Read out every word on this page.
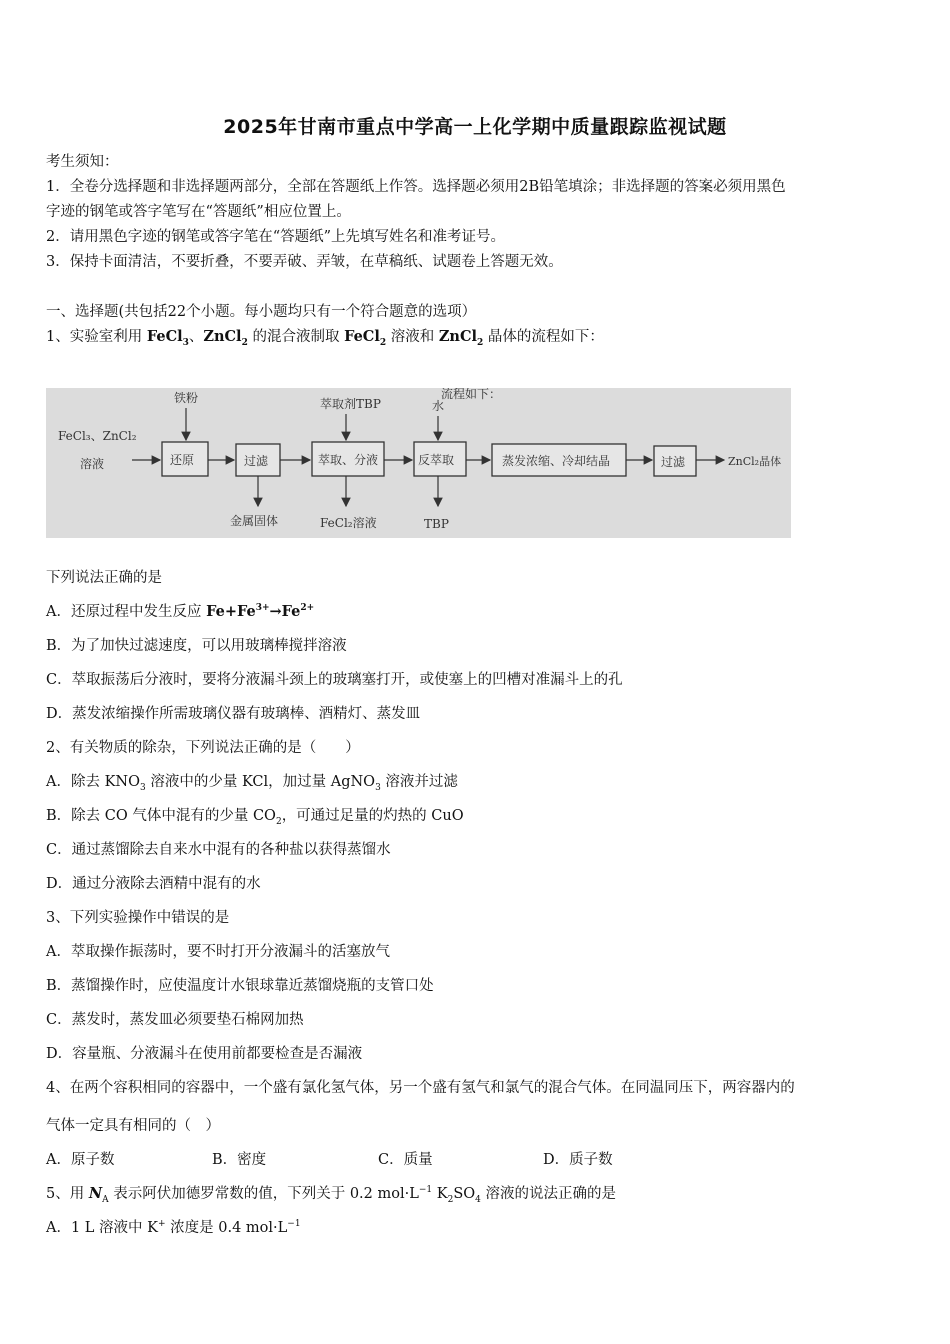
2025年甘南市重点中学高一上化学期中质量跟踪监视试题
考生须知：
1．全卷分选择题和非选择题两部分，全部在答题纸上作答。选择题必须用2B铅笔填涂；非选择题的答案必须用黑色
字迹的钢笔或答字笔写在“答题纸”相应位置上。
2．请用黑色字迹的钢笔或答字笔在“答题纸”上先填写姓名和准考证号。
3．保持卡面清洁，不要折叠，不要弄破、弄皱，在草稿纸、试题卷上答题无效。
一、选择题(共包括22个小题。每小题均只有一个符合题意的选项）
1、实验室利用 FeCl$_3$、ZnCl$_2$ 的混合液制取 FeCl$_2$ 溶液和 ZnCl$_2$ 晶体的流程如下：
流程如下：
FeCl₃、ZnCl₂
溶液
铁粉
还原	过滤
金属固体
萃取剂TBP
萃取、分液
FeCl₂溶液
水
反萃取
TBP
蒸发浓缩、冷却结晶	过滤	ZnCl₂晶体
下列说法正确的是
A．还原过程中发生反应 $Fe+Fe^{3+}\to Fe^{2+}$
B．为了加快过滤速度，可以用玻璃棒搅拌溶液
C．萃取振荡后分液时，要将分液漏斗颈上的玻璃塞打开，或使塞上的凹槽对准漏斗上的孔
D．蒸发浓缩操作所需玻璃仪器有玻璃棒、酒精灯、蒸发皿
2、有关物质的除杂，下列说法正确的是（　　）
A．除去 $KNO_3$ 溶液中的少量 KCl，加过量 AgNO$_3$ 溶液并过滤
B．除去 CO 气体中混有的少量 $CO_2$，可通过足量的灼热的 CuO
C．通过蒸馏除去自来水中混有的各种盐以获得蒸馏水
D．通过分液除去酒精中混有的水
3、下列实验操作中错误的是
A．萃取操作振荡时，要不时打开分液漏斗的活塞放气
B．蒸馏操作时，应使温度计水银球靠近蒸馏烧瓶的支管口处
C．蒸发时，蒸发皿必须要垫石棉网加热
D．容量瓶、分液漏斗在使用前都要检查是否漏液
4、在两个容积相同的容器中，一个盛有氯化氢气体，另一个盛有氢气和氯气的混合气体。在同温同压下，两容器内的
气体一定具有相同的（　）
A．原子数	B．密度	C．质量	D．质子数
5、用 $N_A$ 表示阿伏加德罗常数的值，下列关于 0.2 $mol\cdot L^{-1}$ $K_2SO_4$ 溶液的说法正确的是
A．1 L 溶液中 K+ 浓度是 0.4 $mol\cdot L^{-1}$
